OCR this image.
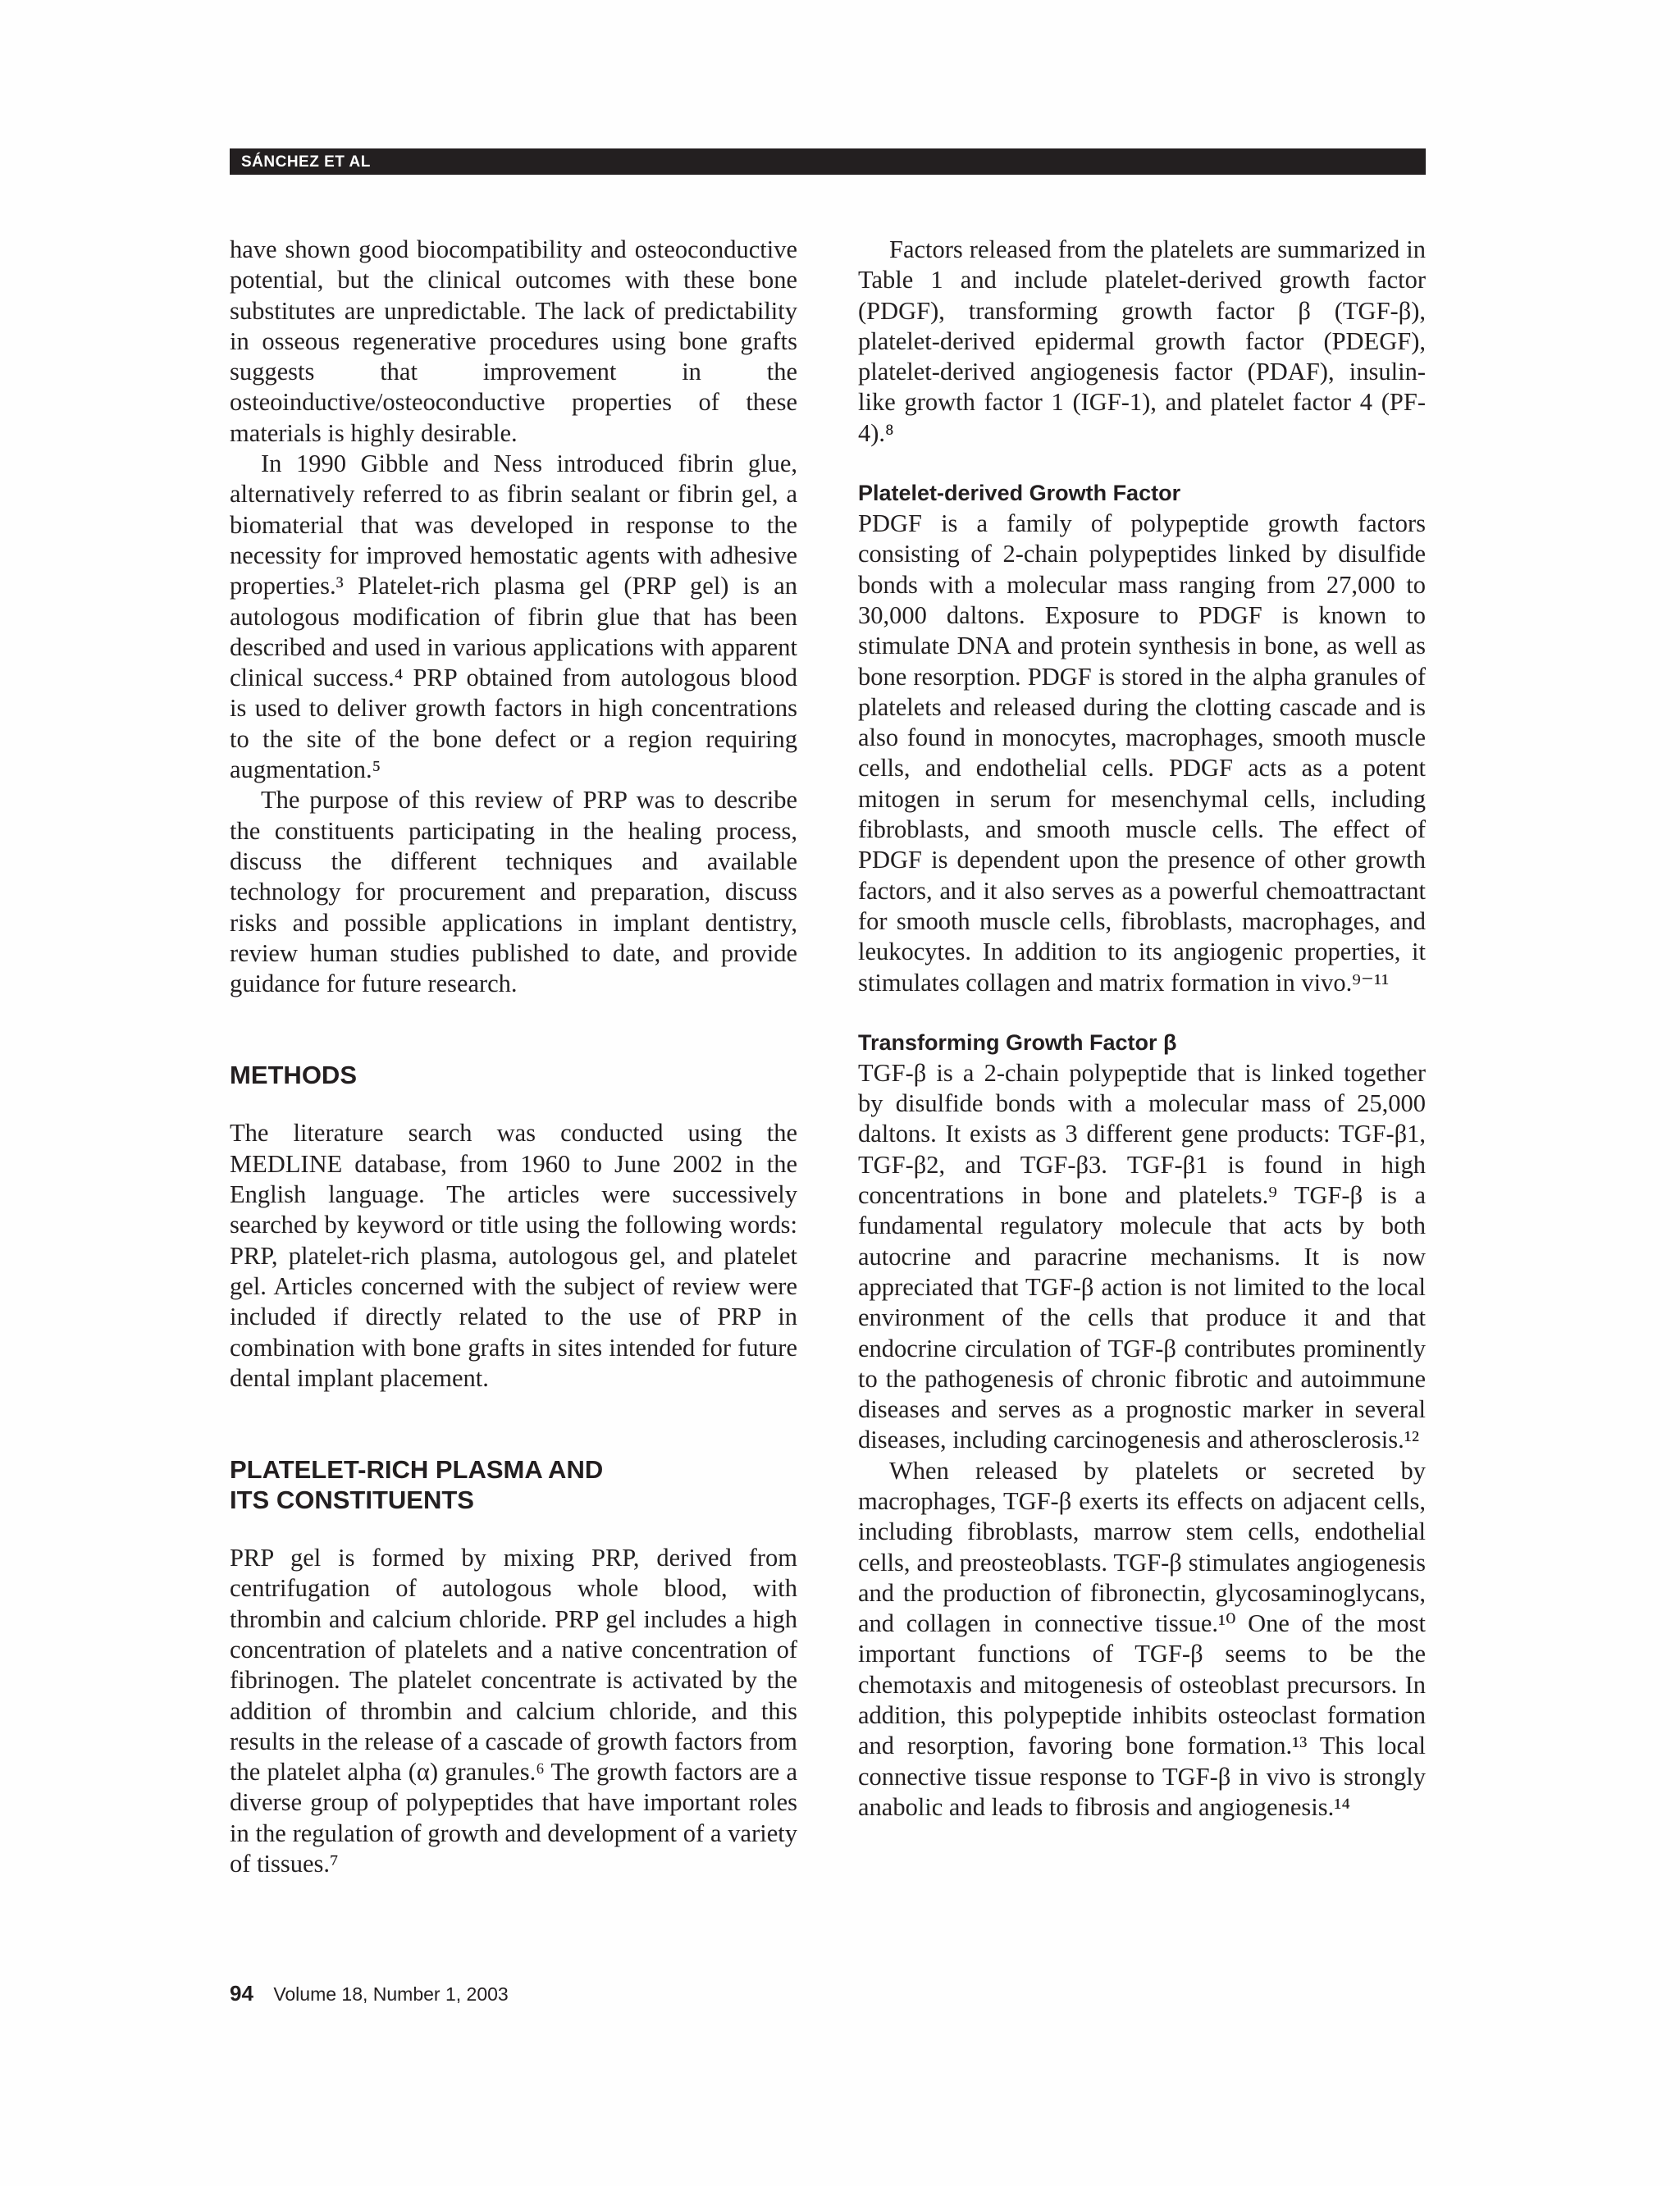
SÁNCHEZ ET AL

have shown good biocompatibility and osteoconductive potential, but the clinical outcomes with these bone substitutes are unpredictable. The lack of predictability in osseous regenerative procedures using bone grafts suggests that improvement in the osteoinductive/osteoconductive properties of these materials is highly desirable.

In 1990 Gibble and Ness introduced fibrin glue, alternatively referred to as fibrin sealant or fibrin gel, a biomaterial that was developed in response to the necessity for improved hemostatic agents with adhesive properties.³ Platelet-rich plasma gel (PRP gel) is an autologous modification of fibrin glue that has been described and used in various applications with apparent clinical success.⁴ PRP obtained from autologous blood is used to deliver growth factors in high concentrations to the site of the bone defect or a region requiring augmentation.⁵

The purpose of this review of PRP was to describe the constituents participating in the healing process, discuss the different techniques and available technology for procurement and preparation, discuss risks and possible applications in implant dentistry, review human studies published to date, and provide guidance for future research.

METHODS

The literature search was conducted using the MEDLINE database, from 1960 to June 2002 in the English language. The articles were successively searched by keyword or title using the following words: PRP, platelet-rich plasma, autologous gel, and platelet gel. Articles concerned with the subject of review were included if directly related to the use of PRP in combination with bone grafts in sites intended for future dental implant placement.

PLATELET-RICH PLASMA AND
ITS CONSTITUENTS

PRP gel is formed by mixing PRP, derived from centrifugation of autologous whole blood, with thrombin and calcium chloride. PRP gel includes a high concentration of platelets and a native concentration of fibrinogen. The platelet concentrate is activated by the addition of thrombin and calcium chloride, and this results in the release of a cascade of growth factors from the platelet alpha (α) granules.⁶ The growth factors are a diverse group of polypeptides that have important roles in the regulation of growth and development of a variety of tissues.⁷

Factors released from the platelets are summarized in Table 1 and include platelet-derived growth factor (PDGF), transforming growth factor β (TGF-β), platelet-derived epidermal growth factor (PDEGF), platelet-derived angiogenesis factor (PDAF), insulin-like growth factor 1 (IGF-1), and platelet factor 4 (PF-4).⁸

Platelet-derived Growth Factor

PDGF is a family of polypeptide growth factors consisting of 2-chain polypeptides linked by disulfide bonds with a molecular mass ranging from 27,000 to 30,000 daltons. Exposure to PDGF is known to stimulate DNA and protein synthesis in bone, as well as bone resorption. PDGF is stored in the alpha granules of platelets and released during the clotting cascade and is also found in monocytes, macrophages, smooth muscle cells, and endothelial cells. PDGF acts as a potent mitogen in serum for mesenchymal cells, including fibroblasts, and smooth muscle cells. The effect of PDGF is dependent upon the presence of other growth factors, and it also serves as a powerful chemoattractant for smooth muscle cells, fibroblasts, macrophages, and leukocytes. In addition to its angiogenic properties, it stimulates collagen and matrix formation in vivo.⁹⁻¹¹

Transforming Growth Factor β

TGF-β is a 2-chain polypeptide that is linked together by disulfide bonds with a molecular mass of 25,000 daltons. It exists as 3 different gene products: TGF-β1, TGF-β2, and TGF-β3. TGF-β1 is found in high concentrations in bone and platelets.⁹ TGF-β is a fundamental regulatory molecule that acts by both autocrine and paracrine mechanisms. It is now appreciated that TGF-β action is not limited to the local environment of the cells that produce it and that endocrine circulation of TGF-β contributes prominently to the pathogenesis of chronic fibrotic and autoimmune diseases and serves as a prognostic marker in several diseases, including carcinogenesis and atherosclerosis.¹²

When released by platelets or secreted by macrophages, TGF-β exerts its effects on adjacent cells, including fibroblasts, marrow stem cells, endothelial cells, and preosteoblasts. TGF-β stimulates angiogenesis and the production of fibronectin, glycosaminoglycans, and collagen in connective tissue.¹⁰ One of the most important functions of TGF-β seems to be the chemotaxis and mitogenesis of osteoblast precursors. In addition, this polypeptide inhibits osteoclast formation and resorption, favoring bone formation.¹³ This local connective tissue response to TGF-β in vivo is strongly anabolic and leads to fibrosis and angiogenesis.¹⁴

94 Volume 18, Number 1, 2003
